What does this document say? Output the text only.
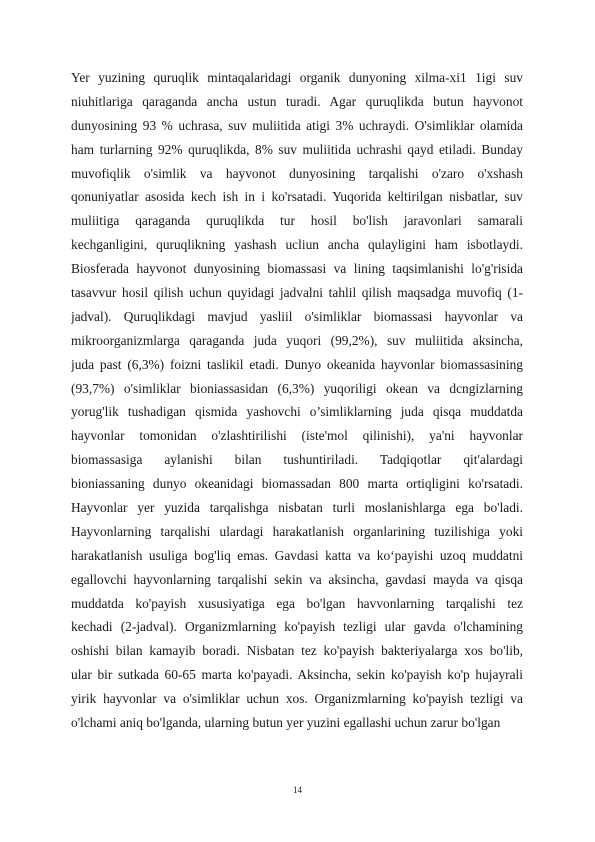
Yer yuzining quruqlik mintaqalaridagi organik dunyoning xilma-xi1 1igi suv
niuhitlariga qaraganda ancha ustun turadi. Agar quruqlikda butun hayvonot
dunyosining 93 % uchrasa, suv muliitida atigi 3% uchraydi. O'simliklar olamida
ham turlarning 92% quruqlikda, 8% suv muliitida uchrashi qayd etiladi. Bunday
muvofiqlik o'simlik va hayvonot dunyosining tarqalishi o'zaro o'xshash
qonuniyatlar asosida kech ish in i ko'rsatadi. Yuqorida keltirilgan nisbatlar, suv
muliitiga qaraganda quruqlikda tur hosil bo'lish jaravonlari samarali
kechganligini, quruqlikning yashash ucliun ancha qulayligini ham isbotlaydi.
Biosferada hayvonot dunyosining biomassasi va lining taqsimlanishi lo'g'risida
tasavvur hosil qilish uchun quyidagi jadvalni tahlil qilish maqsadga muvofiq (1-
jadval). Quruqlikdagi mavjud yasliil o'simliklar biomassasi hayvonlar va
mikroorganizmlarga qaraganda juda yuqori (99,2%), suv muliitida aksincha,
juda past (6,3%) foizni taslikil etadi. Dunyo okeanida hayvonlar biomassasining
(93,7%) o'simliklar bioniassasidan (6,3%) yuqoriligi okean va dcngizlarning
yorug'lik tushadigan qismida yashovchi o’simliklarning juda qisqa muddatda
hayvonlar tomonidan o'zlashtirilishi (iste'mol qilinishi), ya'ni hayvonlar
biomassasiga aylanishi bilan tushuntiriladi. Tadqiqotlar qit'alardagi
bioniassaning dunyo okeanidagi biomassadan 800 marta ortiqligini ko'rsatadi.
Hayvonlar yer yuzida tarqalishga nisbatan turli moslanishlarga ega bo'ladi.
Hayvonlarning tarqalishi ulardagi harakatlanish organlarining tuzilishiga yoki
harakatlanish usuliga bog'liq emas. Gavdasi katta va ko‘payishi uzoq muddatni
egallovchi hayvonlarning tarqalishi sekin va aksincha, gavdasi mayda va qisqa
muddatda ko'payish xususiyatiga ega bo'lgan havvonlarning tarqalishi tez
kechadi (2-jadval). Organizmlarning ko'payish tezligi ular gavda o'lchamining
oshishi bilan kamayib boradi. Nisbatan tez ko'payish bakteriyalarga xos bo'lib,
ular bir sutkada 60-65 marta ko'payadi. Aksincha, sekin ko'payish ko'p hujayrali
yirik hayvonlar va o'simliklar uchun xos. Organizmlarning ko'payish tezligi va
o'lchami aniq bo'lganda, ularning butun yer yuzini egallashi uchun zarur bo'lgan
14
